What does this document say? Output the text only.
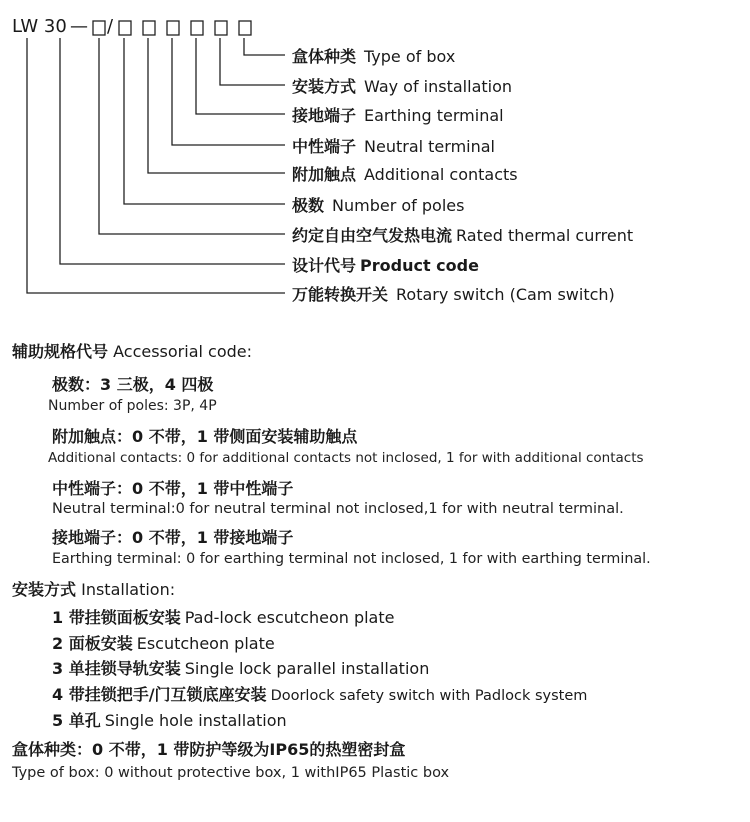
LW 30 — /
盒体种类 Type of box
安装方式 Way of installation
接地端子 Earthing terminal
中性端子 Neutral terminal
附加触点 Additional contacts
极数 Number of poles
约定自由空气发热电流 Rated thermal current
设计代号 Product code
万能转换开关 Rotary switch (Cam switch)
辅助规格代号 Accessorial code:
极数：3 三极，4 四极
Number of poles: 3P, 4P
附加触点：0 不带，1 带侧面安装辅助触点
Additional contacts: 0 for additional contacts not inclosed, 1 for with additional contacts
中性端子：0 不带，1 带中性端子
Neutral terminal:0 for neutral terminal not inclosed,1 for with neutral terminal.
接地端子：0 不带，1 带接地端子
Earthing terminal: 0 for earthing terminal not inclosed, 1 for with earthing terminal.
安装方式 Installation:
1 带挂锁面板安装 Pad-lock escutcheon plate
2 面板安装 Escutcheon plate
3 单挂锁导轨安装 Single lock parallel installation
4 带挂锁把手/门互锁底座安装 Doorlock safety switch with Padlock system
5 单孔 Single hole installation
盒体种类：0 不带，1 带防护等级为IP65的热塑密封盒
Type of box: 0 without protective box, 1 withIP65 Plastic box
